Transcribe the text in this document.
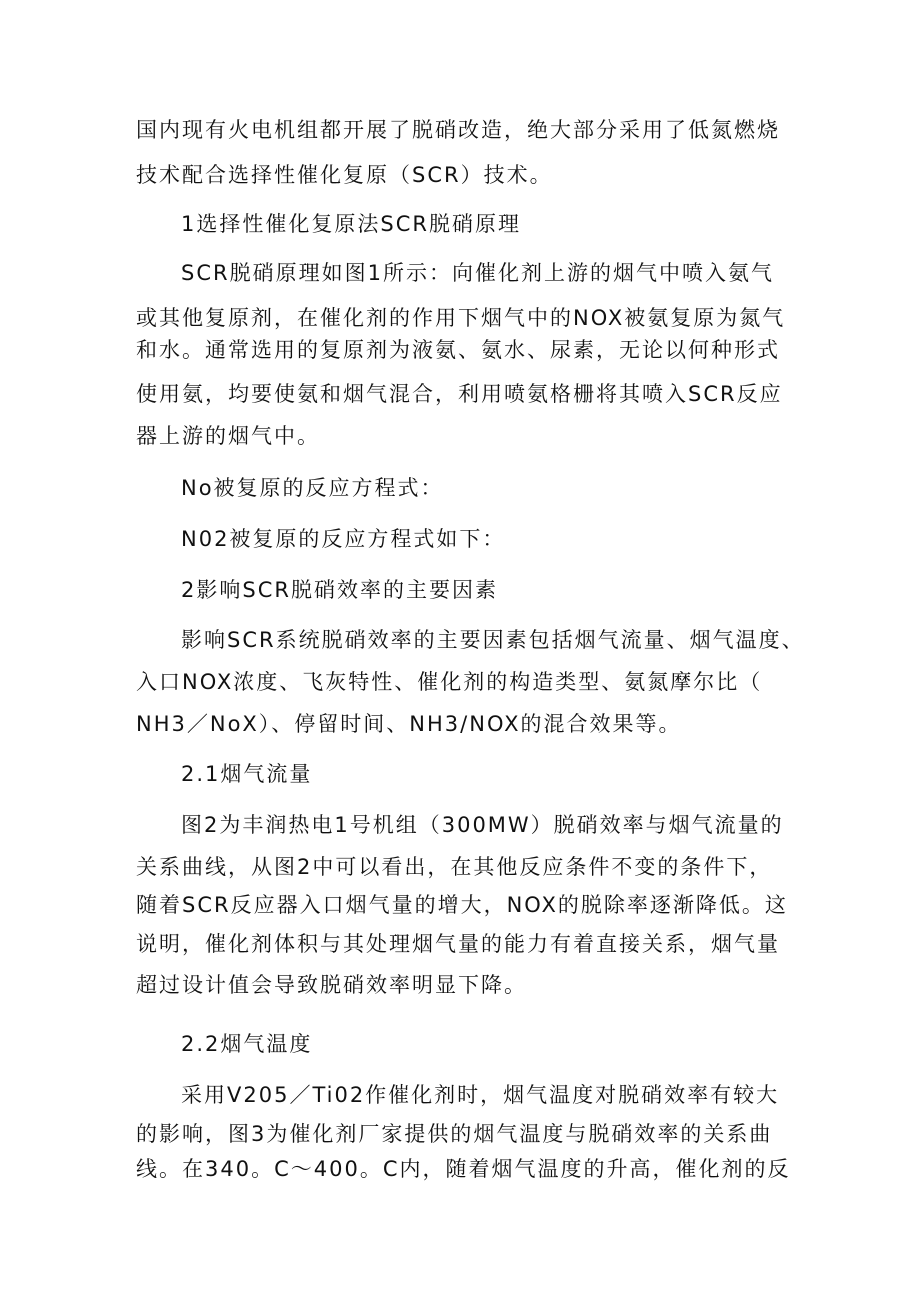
国内现有火电机组都开展了脱硝改造，绝大部分采用了低氮燃烧
技术配合选择性催化复原（SCR）技术。
1选择性催化复原法SCR脱硝原理
SCR脱硝原理如图1所示：向催化剂上游的烟气中喷入氨气
或其他复原剂，在催化剂的作用下烟气中的NOX被氨复原为氮气
和水。通常选用的复原剂为液氨、氨水、尿素，无论以何种形式
使用氨，均要使氨和烟气混合，利用喷氨格栅将其喷入SCR反应
器上游的烟气中。
No被复原的反应方程式：
N02被复原的反应方程式如下：
2影响SCR脱硝效率的主要因素
影响SCR系统脱硝效率的主要因素包括烟气流量、烟气温度、
入口NOX浓度、飞灰特性、催化剂的构造类型、氨氮摩尔比（
NH3／NoX）、停留时间、NH3/NOX的混合效果等。
2.1烟气流量
图2为丰润热电1号机组（300MW）脱硝效率与烟气流量的
关系曲线，从图2中可以看出，在其他反应条件不变的条件下，
随着SCR反应器入口烟气量的增大，NOX的脱除率逐渐降低。这
说明，催化剂体积与其处理烟气量的能力有着直接关系，烟气量
超过设计值会导致脱硝效率明显下降。
2.2烟气温度
采用V205／Ti02作催化剂时，烟气温度对脱硝效率有较大
的影响，图3为催化剂厂家提供的烟气温度与脱硝效率的关系曲
线。在340。C～400。C内，随着烟气温度的升高，催化剂的反
